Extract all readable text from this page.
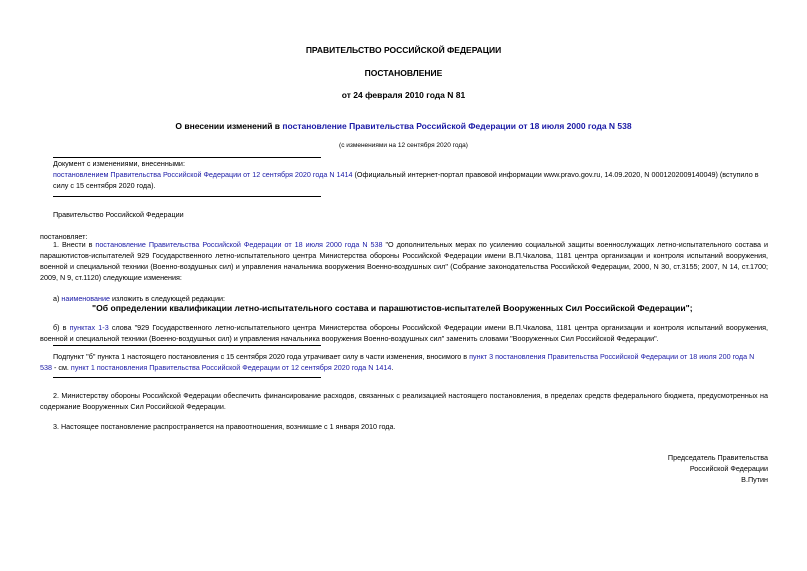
ПРАВИТЕЛЬСТВО РОССИЙСКОЙ ФЕДЕРАЦИИ
ПОСТАНОВЛЕНИЕ
от 24 февраля 2010 года N 81
О внесении изменений в постановление Правительства Российской Федерации от 18 июля 2000 года N 538
(с изменениями на 12 сентября 2020 года)
Документ с изменениями, внесенными:
постановлением Правительства Российской Федерации от 12 сентября 2020 года N 1414 (Официальный интернет-портал правовой информации www.pravo.gov.ru, 14.09.2020, N 0001202009140049) (вступило в силу с 15 сентября 2020 года).
Правительство Российской Федерации
постановляет:
1. Внести в постановление Правительства Российской Федерации от 18 июля 2000 года N 538 "О дополнительных мерах по усилению социальной защиты военнослужащих летно-испытательного состава и парашютистов-испытателей 929 Государственного летно-испытательного центра Министерства обороны Российской Федерации имени В.П.Чкалова, 1181 центра организации и контроля испытаний вооружения, военной и специальной техники (Военно-воздушных сил) и управления начальника вооружения Военно-воздушных сил" (Собрание законодательства Российской Федерации, 2000, N 30, ст.3155; 2007, N 14, ст.1700; 2009, N 9, ст.1120) следующие изменения:
а) наименование изложить в следующей редакции:
"Об определении квалификации летно-испытательного состава и парашютистов-испытателей Вооруженных Сил Российской Федерации";
б) в пунктах 1-3 слова "929 Государственного летно-испытательного центра Министерства обороны Российской Федерации имени В.П.Чкалова, 1181 центра организации и контроля испытаний вооружения, военной и специальной техники (Военно-воздушных сил) и управления начальника вооружения Военно-воздушных сил" заменить словами "Вооруженных Сил Российской Федерации".
Подпункт "б" пункта 1 настоящего постановления с 15 сентября 2020 года утрачивает силу в части изменения, вносимого в пункт 3 постановления Правительства Российской Федерации от 18 июля 200 года N 538 - см. пункт 1 постановления Правительства Российской Федерации от 12 сентября 2020 года N 1414.
2. Министерству обороны Российской Федерации обеспечить финансирование расходов, связанных с реализацией настоящего постановления, в пределах средств федерального бюджета, предусмотренных на содержание Вооруженных Сил Российской Федерации.
3. Настоящее постановление распространяется на правоотношения, возникшие с 1 января 2010 года.
Председатель Правительства
Российской Федерации
В.Путин
